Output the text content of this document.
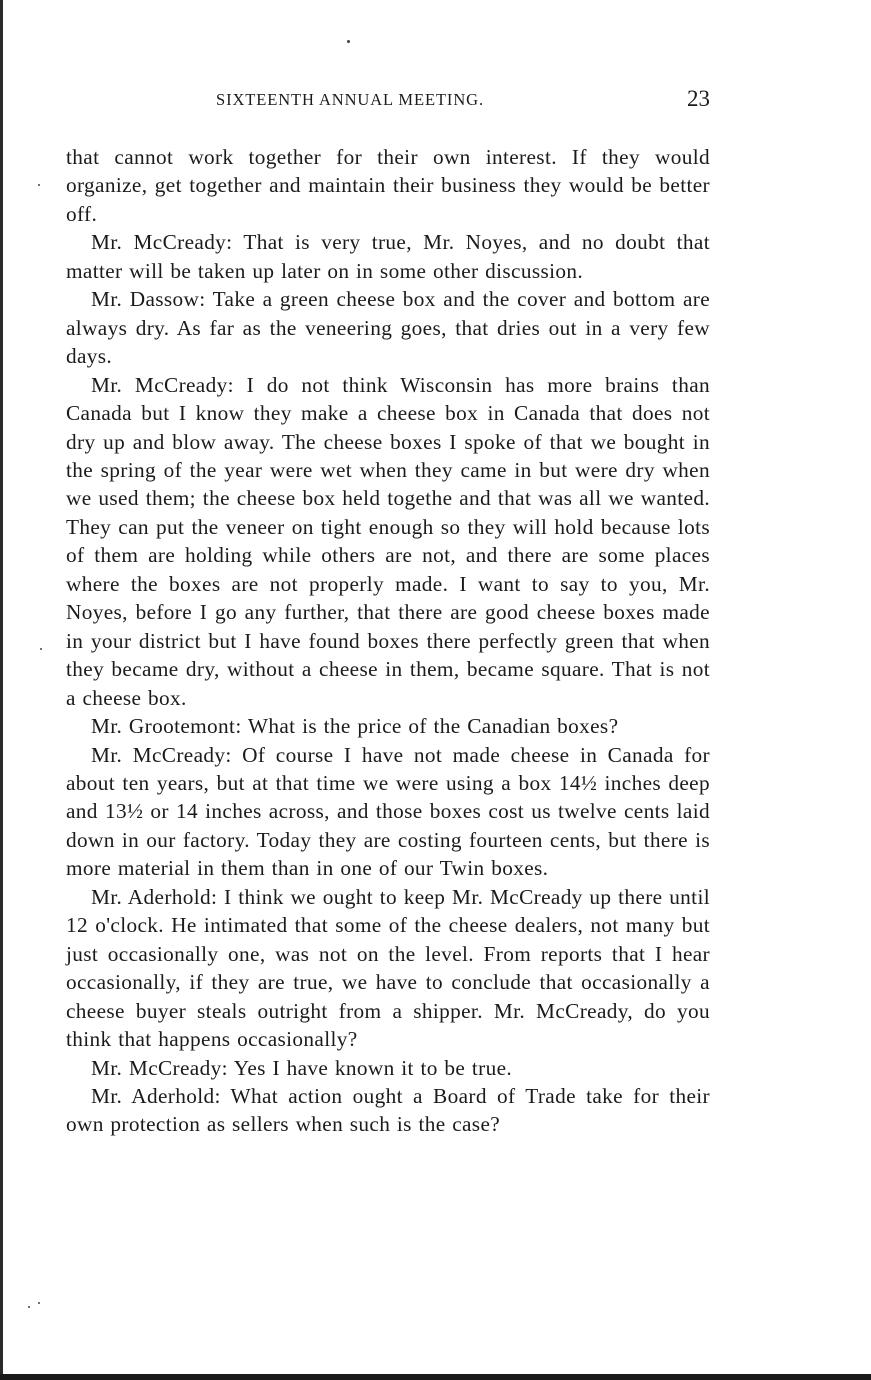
SIXTEENTH ANNUAL MEETING.	23

that cannot work together for their own interest. If they would organize, get together and maintain their business they would be better off.

Mr. McCready: That is very true, Mr. Noyes, and no doubt that matter will be taken up later on in some other discussion.

Mr. Dassow: Take a green cheese box and the cover and bottom are always dry. As far as the veneering goes, that dries out in a very few days.

Mr. McCready: I do not think Wisconsin has more brains than Canada but I know they make a cheese box in Canada that does not dry up and blow away. The cheese boxes I spoke of that we bought in the spring of the year were wet when they came in but were dry when we used them; the cheese box held togethe and that was all we wanted. They can put the veneer on tight enough so they will hold because lots of them are holding while others are not, and there are some places where the boxes are not properly made. I want to say to you, Mr. Noyes, before I go any further, that there are good cheese boxes made in your district but I have found boxes there perfectly green that when they became dry, without a cheese in them, became square. That is not a cheese box.

Mr. Grootemont: What is the price of the Canadian boxes?

Mr. McCready: Of course I have not made cheese in Canada for about ten years, but at that time we were using a box 14½ inches deep and 13½ or 14 inches across, and those boxes cost us twelve cents laid down in our factory. Today they are costing fourteen cents, but there is more material in them than in one of our Twin boxes.

Mr. Aderhold: I think we ought to keep Mr. McCready up there until 12 o'clock. He intimated that some of the cheese dealers, not many but just occasionally one, was not on the level. From reports that I hear occasionally, if they are true, we have to conclude that occasionally a cheese buyer steals outright from a shipper. Mr. McCready, do you think that happens occasionally?

Mr. McCready: Yes I have known it to be true.

Mr. Aderhold: What action ought a Board of Trade take for their own protection as sellers when such is the case?
